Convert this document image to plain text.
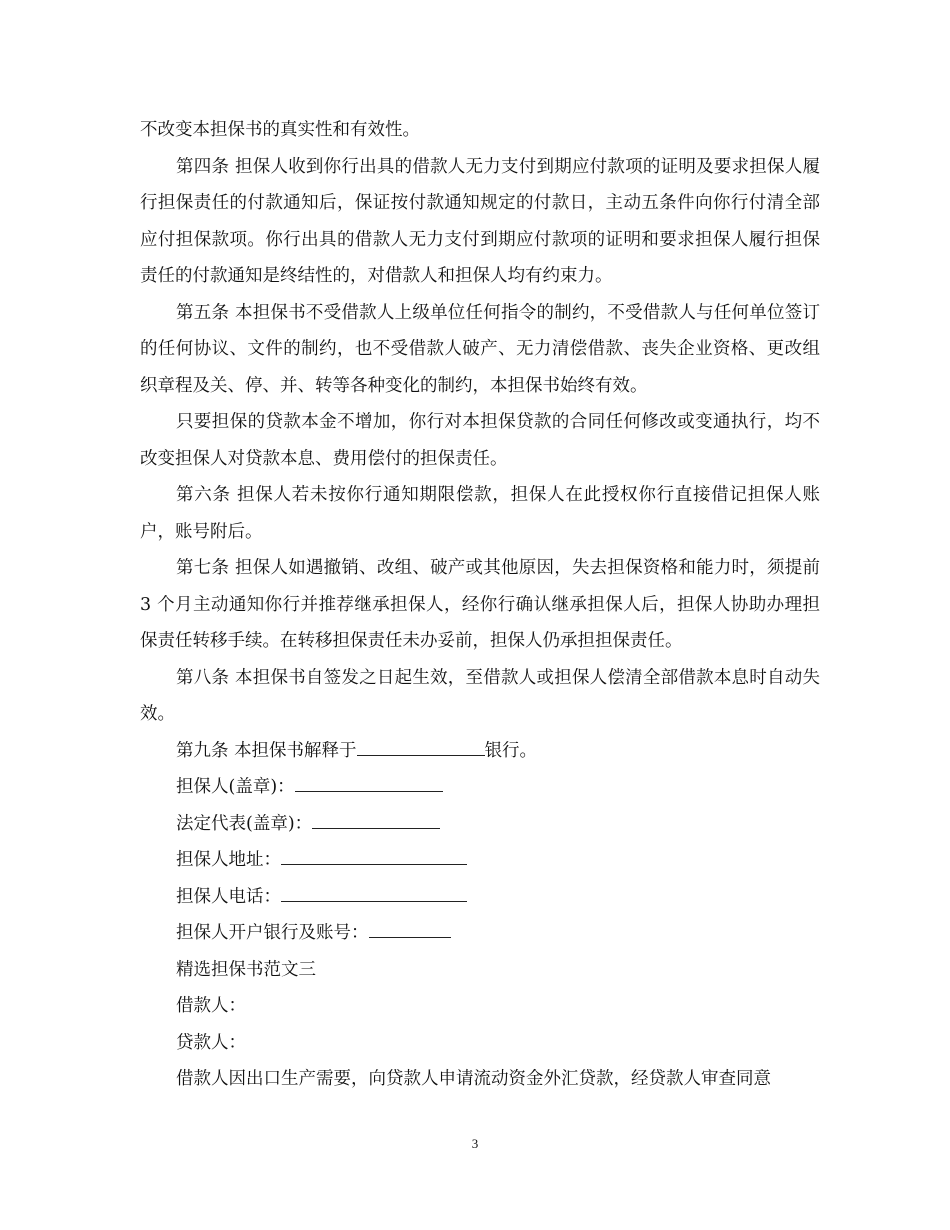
不改变本担保书的真实性和有效性。

第四条 担保人收到你行出具的借款人无力支付到期应付款项的证明及要求担保人履行担保责任的付款通知后，保证按付款通知规定的付款日，主动五条件向你行付清全部应付担保款项。你行出具的借款人无力支付到期应付款项的证明和要求担保人履行担保责任的付款通知是终结性的，对借款人和担保人均有约束力。

第五条 本担保书不受借款人上级单位任何指令的制约，不受借款人与任何单位签订的任何协议、文件的制约，也不受借款人破产、无力清偿借款、丧失企业资格、更改组织章程及关、停、并、转等各种变化的制约，本担保书始终有效。

只要担保的贷款本金不增加，你行对本担保贷款的合同任何修改或变通执行，均不改变担保人对贷款本息、费用偿付的担保责任。

第六条 担保人若未按你行通知期限偿款，担保人在此授权你行直接借记担保人账户，账号附后。

第七条 担保人如遇撤销、改组、破产或其他原因，失去担保资格和能力时，须提前 3 个月主动通知你行并推荐继承担保人，经你行确认继承担保人后，担保人协助办理担保责任转移手续。在转移担保责任未办妥前，担保人仍承担担保责任。

第八条 本担保书自签发之日起生效，至借款人或担保人偿清全部借款本息时自动失效。

第九条 本担保书解释于	银行。

担保人(盖章)：

法定代表(盖章)：

担保人地址：

担保人电话：

担保人开户银行及账号：

精选担保书范文三

借款人：

贷款人：

借款人因出口生产需要，向贷款人申请流动资金外汇贷款，经贷款人审查同意

3
